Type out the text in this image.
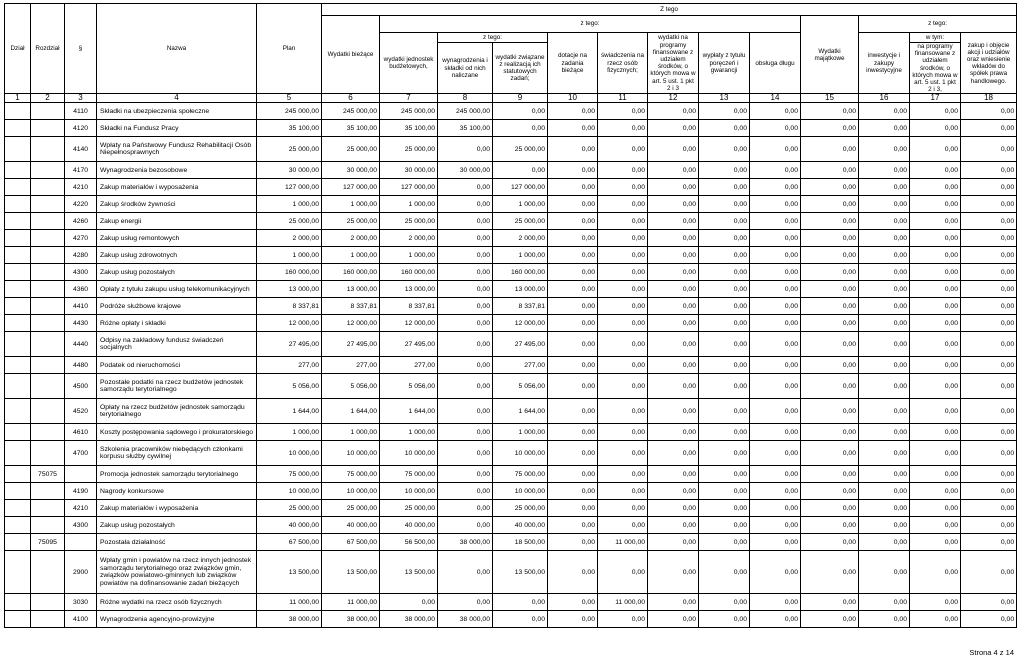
Dział	Rozdział	§	Nazwa	Plan	Z tego												
					Wydatki bieżące	z tego:								Wydatki majątkowe	z tego:		
						wydatki jednostek budżetowych,	z tego:		dotacje na zadania bieżące	świadczenia na rzecz osób fizycznych;	wydatki na programy finansowane z udziałem środków, o których mowa w art. 5 ust. 1 pkt 2 i 3	wypłaty z tytułu poręczeń i gwarancji	obsługa długu		inwestycje i zakupy inwestycyjne	w tym:	zakup i objęcie akcji i udziałów oraz wniesienie wkładów do spółek prawa handlowego.
							wynagrodzenia i składki od nich naliczane	wydatki związane z realizacją ich statutowych zadań;								na programy finansowane z udziałem środków, o których mowa w art. 5 ust. 1 pkt 2 i 3,	
1	2	3	4	5	6	7	8	9	10	11	12	13	14	15	16	17	18
		4110	Składki na ubezpieczenia społeczne	245 000,00	245 000,00	245 000,00	245 000,00	0,00	0,00	0,00	0,00	0,00	0,00	0,00	0,00	0,00	0,00
		4120	Składki na Fundusz Pracy	35 100,00	35 100,00	35 100,00	35 100,00	0,00	0,00	0,00	0,00	0,00	0,00	0,00	0,00	0,00	0,00
		4140	Wpłaty na Państwowy Fundusz Rehabilitacji Osób Niepełnosprawnych	25 000,00	25 000,00	25 000,00	0,00	25 000,00	0,00	0,00	0,00	0,00	0,00	0,00	0,00	0,00	0,00
		4170	Wynagrodzenia bezosobowe	30 000,00	30 000,00	30 000,00	30 000,00	0,00	0,00	0,00	0,00	0,00	0,00	0,00	0,00	0,00	0,00
		4210	Zakup materiałów i wyposażenia	127 000,00	127 000,00	127 000,00	0,00	127 000,00	0,00	0,00	0,00	0,00	0,00	0,00	0,00	0,00	0,00
		4220	Zakup środków żywności	1 000,00	1 000,00	1 000,00	0,00	1 000,00	0,00	0,00	0,00	0,00	0,00	0,00	0,00	0,00	0,00
		4260	Zakup energii	25 000,00	25 000,00	25 000,00	0,00	25 000,00	0,00	0,00	0,00	0,00	0,00	0,00	0,00	0,00	0,00
		4270	Zakup usług remontowych	2 000,00	2 000,00	2 000,00	0,00	2 000,00	0,00	0,00	0,00	0,00	0,00	0,00	0,00	0,00	0,00
		4280	Zakup usług zdrowotnych	1 000,00	1 000,00	1 000,00	0,00	1 000,00	0,00	0,00	0,00	0,00	0,00	0,00	0,00	0,00	0,00
		4300	Zakup usług pozostałych	160 000,00	160 000,00	160 000,00	0,00	160 000,00	0,00	0,00	0,00	0,00	0,00	0,00	0,00	0,00	0,00
		4360	Opłaty z tytułu zakupu usług telekomunikacyjnych	13 000,00	13 000,00	13 000,00	0,00	13 000,00	0,00	0,00	0,00	0,00	0,00	0,00	0,00	0,00	0,00
		4410	Podróże służbowe krajowe	8 337,81	8 337,81	8 337,81	0,00	8 337,81	0,00	0,00	0,00	0,00	0,00	0,00	0,00	0,00	0,00
		4430	Różne opłaty i składki	12 000,00	12 000,00	12 000,00	0,00	12 000,00	0,00	0,00	0,00	0,00	0,00	0,00	0,00	0,00	0,00
		4440	Odpisy na zakładowy fundusz świadczeń socjalnych	27 495,00	27 495,00	27 495,00	0,00	27 495,00	0,00	0,00	0,00	0,00	0,00	0,00	0,00	0,00	0,00
		4480	Podatek od nieruchomości	277,00	277,00	277,00	0,00	277,00	0,00	0,00	0,00	0,00	0,00	0,00	0,00	0,00	0,00
		4500	Pozostałe podatki na rzecz budżetów jednostek samorządu terytorialnego	5 056,00	5 056,00	5 056,00	0,00	5 056,00	0,00	0,00	0,00	0,00	0,00	0,00	0,00	0,00	0,00
		4520	Opłaty na rzecz budżetów jednostek samorządu terytorialnego	1 644,00	1 644,00	1 644,00	0,00	1 644,00	0,00	0,00	0,00	0,00	0,00	0,00	0,00	0,00	0,00
		4610	Koszty postępowania sądowego i prokuratorskiego	1 000,00	1 000,00	1 000,00	0,00	1 000,00	0,00	0,00	0,00	0,00	0,00	0,00	0,00	0,00	0,00
		4700	Szkolenia pracowników niebędących członkami korpusu służby cywilnej	10 000,00	10 000,00	10 000,00	0,00	10 000,00	0,00	0,00	0,00	0,00	0,00	0,00	0,00	0,00	0,00
	75075		Promocja jednostek samorządu terytorialnego	75 000,00	75 000,00	75 000,00	0,00	75 000,00	0,00	0,00	0,00	0,00	0,00	0,00	0,00	0,00	0,00
		4190	Nagrody konkursowe	10 000,00	10 000,00	10 000,00	0,00	10 000,00	0,00	0,00	0,00	0,00	0,00	0,00	0,00	0,00	0,00
		4210	Zakup materiałów i wyposażenia	25 000,00	25 000,00	25 000,00	0,00	25 000,00	0,00	0,00	0,00	0,00	0,00	0,00	0,00	0,00	0,00
		4300	Zakup usług pozostałych	40 000,00	40 000,00	40 000,00	0,00	40 000,00	0,00	0,00	0,00	0,00	0,00	0,00	0,00	0,00	0,00
	75095		Pozostała działalność	67 500,00	67 500,00	56 500,00	38 000,00	18 500,00	0,00	11 000,00	0,00	0,00	0,00	0,00	0,00	0,00	0,00
		2900	Wpłaty gmin i powiatów na rzecz innych jednostek samorządu terytorialnego oraz związków gmin, związków powiatowo-gminnych lub związków powiatów na dofinansowanie zadań bieżących	13 500,00	13 500,00	13 500,00	0,00	13 500,00	0,00	0,00	0,00	0,00	0,00	0,00	0,00	0,00	0,00
		3030	Różne wydatki na rzecz osób fizycznych	11 000,00	11 000,00	0,00	0,00	0,00	0,00	11 000,00	0,00	0,00	0,00	0,00	0,00	0,00	0,00
		4100	Wynagrodzenia agencyjno-prowizyjne	38 000,00	38 000,00	38 000,00	38 000,00	0,00	0,00	0,00	0,00	0,00	0,00	0,00	0,00	0,00	0,00
Strona 4 z 14
